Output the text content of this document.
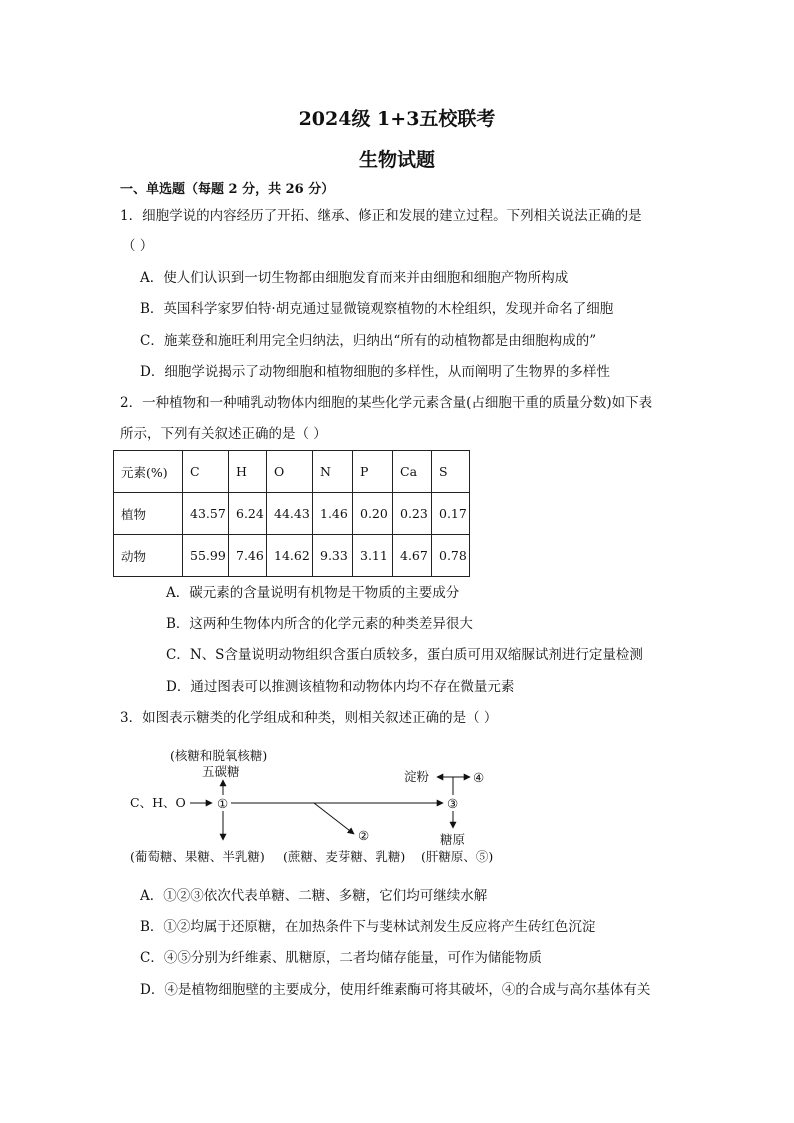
2024级 1+3五校联考
生物试题
一、单选题（每题 2 分，共 26 分）
1．细胞学说的内容经历了开拓、继承、修正和发展的建立过程。下列相关说法正确的是
（ ）
A．使人们认识到一切生物都由细胞发育而来并由细胞和细胞产物所构成
B．英国科学家罗伯特·胡克通过显微镜观察植物的木栓组织，发现并命名了细胞
C．施莱登和施旺利用完全归纳法，归纳出“所有的动植物都是由细胞构成的”
D．细胞学说揭示了动物细胞和植物细胞的多样性，从而阐明了生物界的多样性
2．一种植物和一种哺乳动物体内细胞的某些化学元素含量(占细胞干重的质量分数)如下表
所示，下列有关叙述正确的是（ ）
元素(%)	C	H	O	N	P	Ca	S
植物	43.57	6.24	44.43	1.46	0.20	0.23	0.17
动物	55.99	7.46	14.62	9.33	3.11	4.67	0.78
A．碳元素的含量说明有机物是干物质的主要成分
B．这两种生物体内所含的化学元素的种类差异很大
C．N、S含量说明动物组织含蛋白质较多，蛋白质可用双缩脲试剂进行定量检测
D．通过图表可以推测该植物和动物体内均不存在微量元素
3．如图表示糖类的化学组成和种类，则相关叙述正确的是（ ）
(核糖和脱氧核糖)
五碳糖
C、H、O	①
②
③
④
淀粉
糖原
(葡萄糖、果糖、半乳糖) (蔗糖、麦芽糖、乳糖) (肝糖原、⑤)
A．①②③依次代表单糖、二糖、多糖，它们均可继续水解
B．①②均属于还原糖，在加热条件下与斐林试剂发生反应将产生砖红色沉淀
C．④⑤分别为纤维素、肌糖原，二者均储存能量，可作为储能物质
D．④是植物细胞壁的主要成分，使用纤维素酶可将其破坏，④的合成与高尔基体有关
